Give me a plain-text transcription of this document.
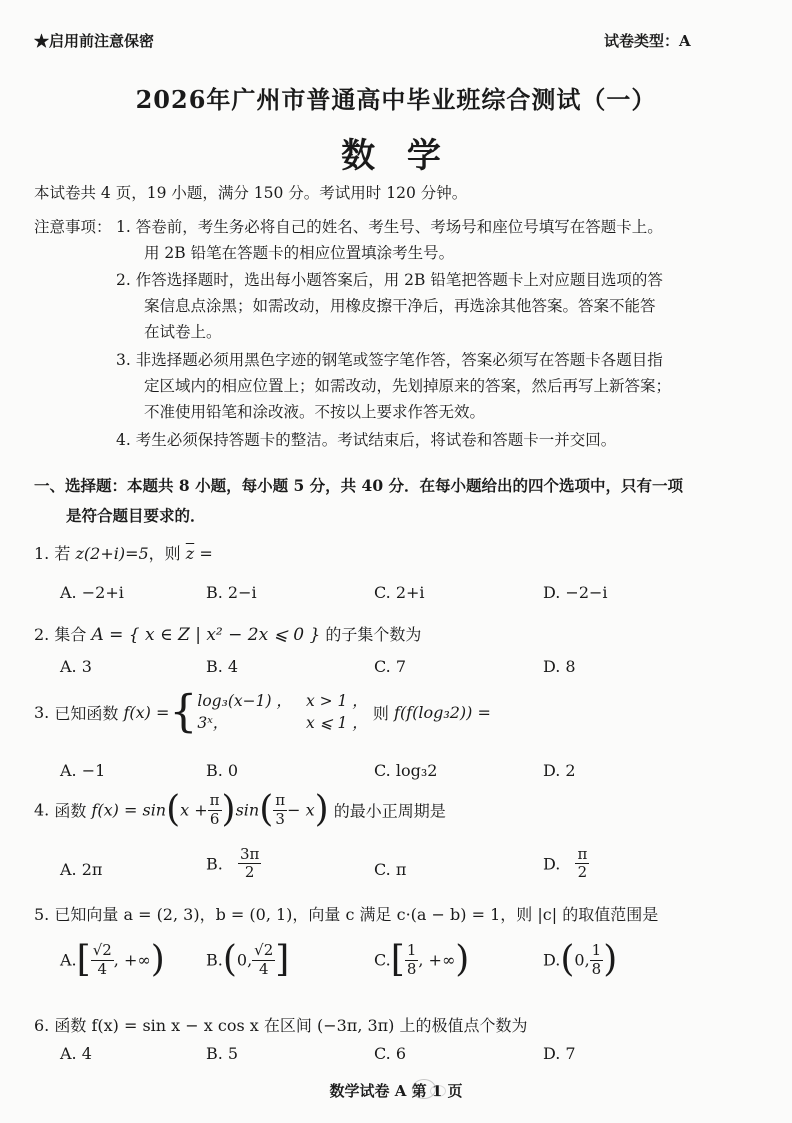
★启用前注意保密	试卷类型：A
2026年广州市普通高中毕业班综合测试（一）
数 学
本试卷共 4 页，19 小题，满分 150 分。考试用时 120 分钟。
注意事项： 1. 答卷前，考生务必将自己的姓名、考生号、考场号和座位号填写在答题卡上。
用 2B 铅笔在答题卡的相应位置填涂考生号。
2. 作答选择题时，选出每小题答案后，用 2B 铅笔把答题卡上对应题目选项的答
案信息点涂黑；如需改动，用橡皮擦干净后，再选涂其他答案。答案不能答
在试卷上。
3. 非选择题必须用黑色字迹的钢笔或签字笔作答，答案必须写在答题卡各题目指
定区域内的相应位置上；如需改动，先划掉原来的答案，然后再写上新答案；
不准使用铅笔和涂改液。不按以上要求作答无效。
4. 考生必须保持答题卡的整洁。考试结束后，将试卷和答题卡一并交回。
一、选择题：本题共 8 小题，每小题 5 分，共 40 分．在每小题给出的四个选项中，只有一项
是符合题目要求的．
1. 若 z(2+i)=5，则 $\overline{z}$ =
A. −2+i	B. 2−i	C. 2+i	D. −2−i
2. 集合 A = { x ∈ Z | x² − 2x ⩽ 0 } 的子集个数为
A. 3	B. 4	C. 7	D. 8
3. 已知函数 f(x) ={log₃(x−1) ，
3ˣ，x > 1 ，
x ⩽ 1 ， 则 f(f(log₃2)) =
A. −1	B. 0	C. log₃2	D. 2
4. 函数 $f(x) = \sin(x + \frac{\pi}{6} )\sin( \frac{\pi}{3} - x)$ 的最小正周期是
A. 2π	B. $\frac{3\pi}{2}$	C. π	D. $\frac{\pi}{2}$
5. 已知向量 a = (2, 3)，b = (0, 1)，向量 c 满足 c·(a − b) = 1，则 |c| 的取值范围是
$A.[ \frac{√2}{4}$ , +∞)	B.(0, $\frac{√2}{4}$ ]	$C.[ \frac{1}{8}$ , +∞)	D.(0, $\frac{1}{8}$ )
6. 函数 f(x) = sin x − x cos x 在区间 (−3π, 3π) 上的极值点个数为
A. 4	B. 5	C. 6	D. 7
数学试卷 A 第 1 页
